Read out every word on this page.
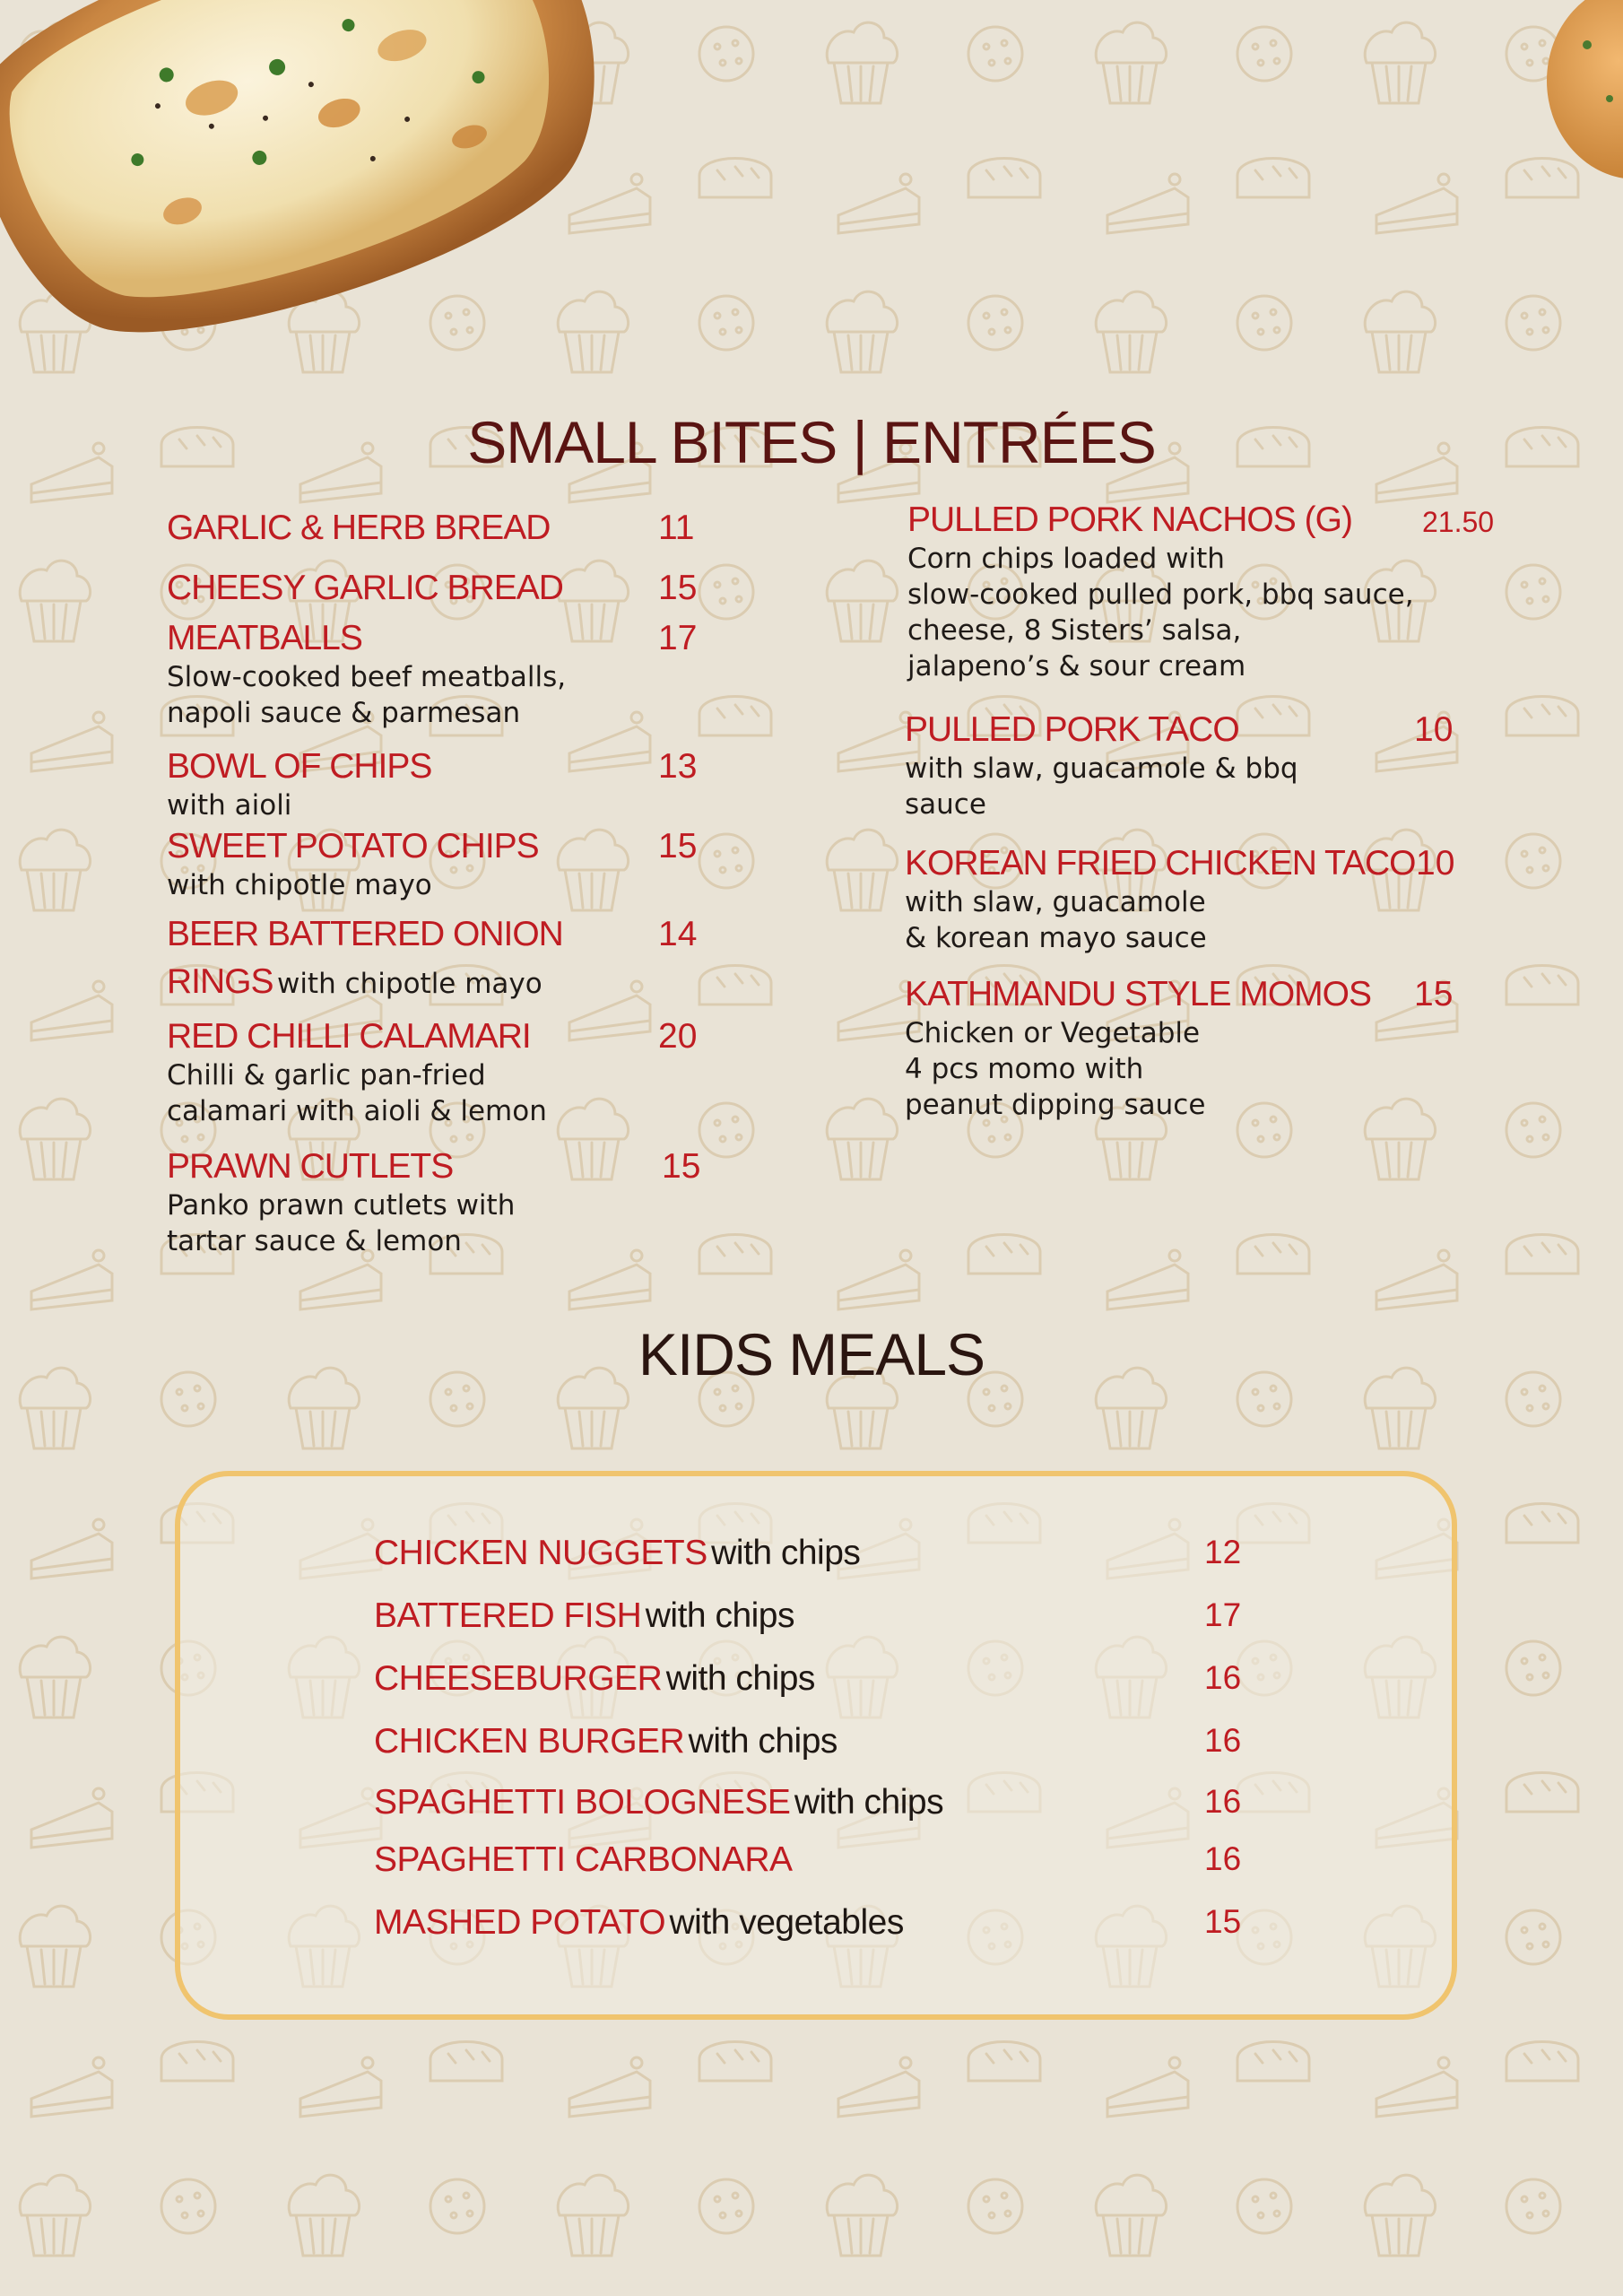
SMALL BITES | ENTRÉES
GARLIC & HERB BREAD	11
CHEESY GARLIC BREAD	15
MEATBALLS	17
Slow-cooked beef meatballs,
napoli sauce & parmesan
BOWL OF CHIPS	13
with aioli
SWEET POTATO CHIPS	15
with chipotle mayo
BEER BATTERED ONION	14
RINGS with chipotle mayo
RED CHILLI CALAMARI	20
Chilli & garlic pan-fried
calamari with aioli & lemon
PRAWN CUTLETS	15
Panko prawn cutlets with
tartar sauce & lemon
PULLED PORK NACHOS (G)	21.50
Corn chips loaded with
slow-cooked pulled pork, bbq sauce,
cheese, 8 Sisters’ salsa,
jalapeno’s & sour cream
PULLED PORK TACO	10
with slaw, guacamole & bbq
sauce
KOREAN FRIED CHICKEN TACO 10
with slaw, guacamole
& korean mayo sauce
KATHMANDU STYLE MOMOS 15
Chicken or Vegetable
4 pcs momo with
peanut dipping sauce
KIDS MEALS
CHICKEN NUGGETS with chips	12
BATTERED FISH with chips	17
CHEESEBURGER with chips	16
CHICKEN BURGER with chips	16
SPAGHETTI BOLOGNESE with chips	16
SPAGHETTI CARBONARA	16
MASHED POTATO with vegetables	15
